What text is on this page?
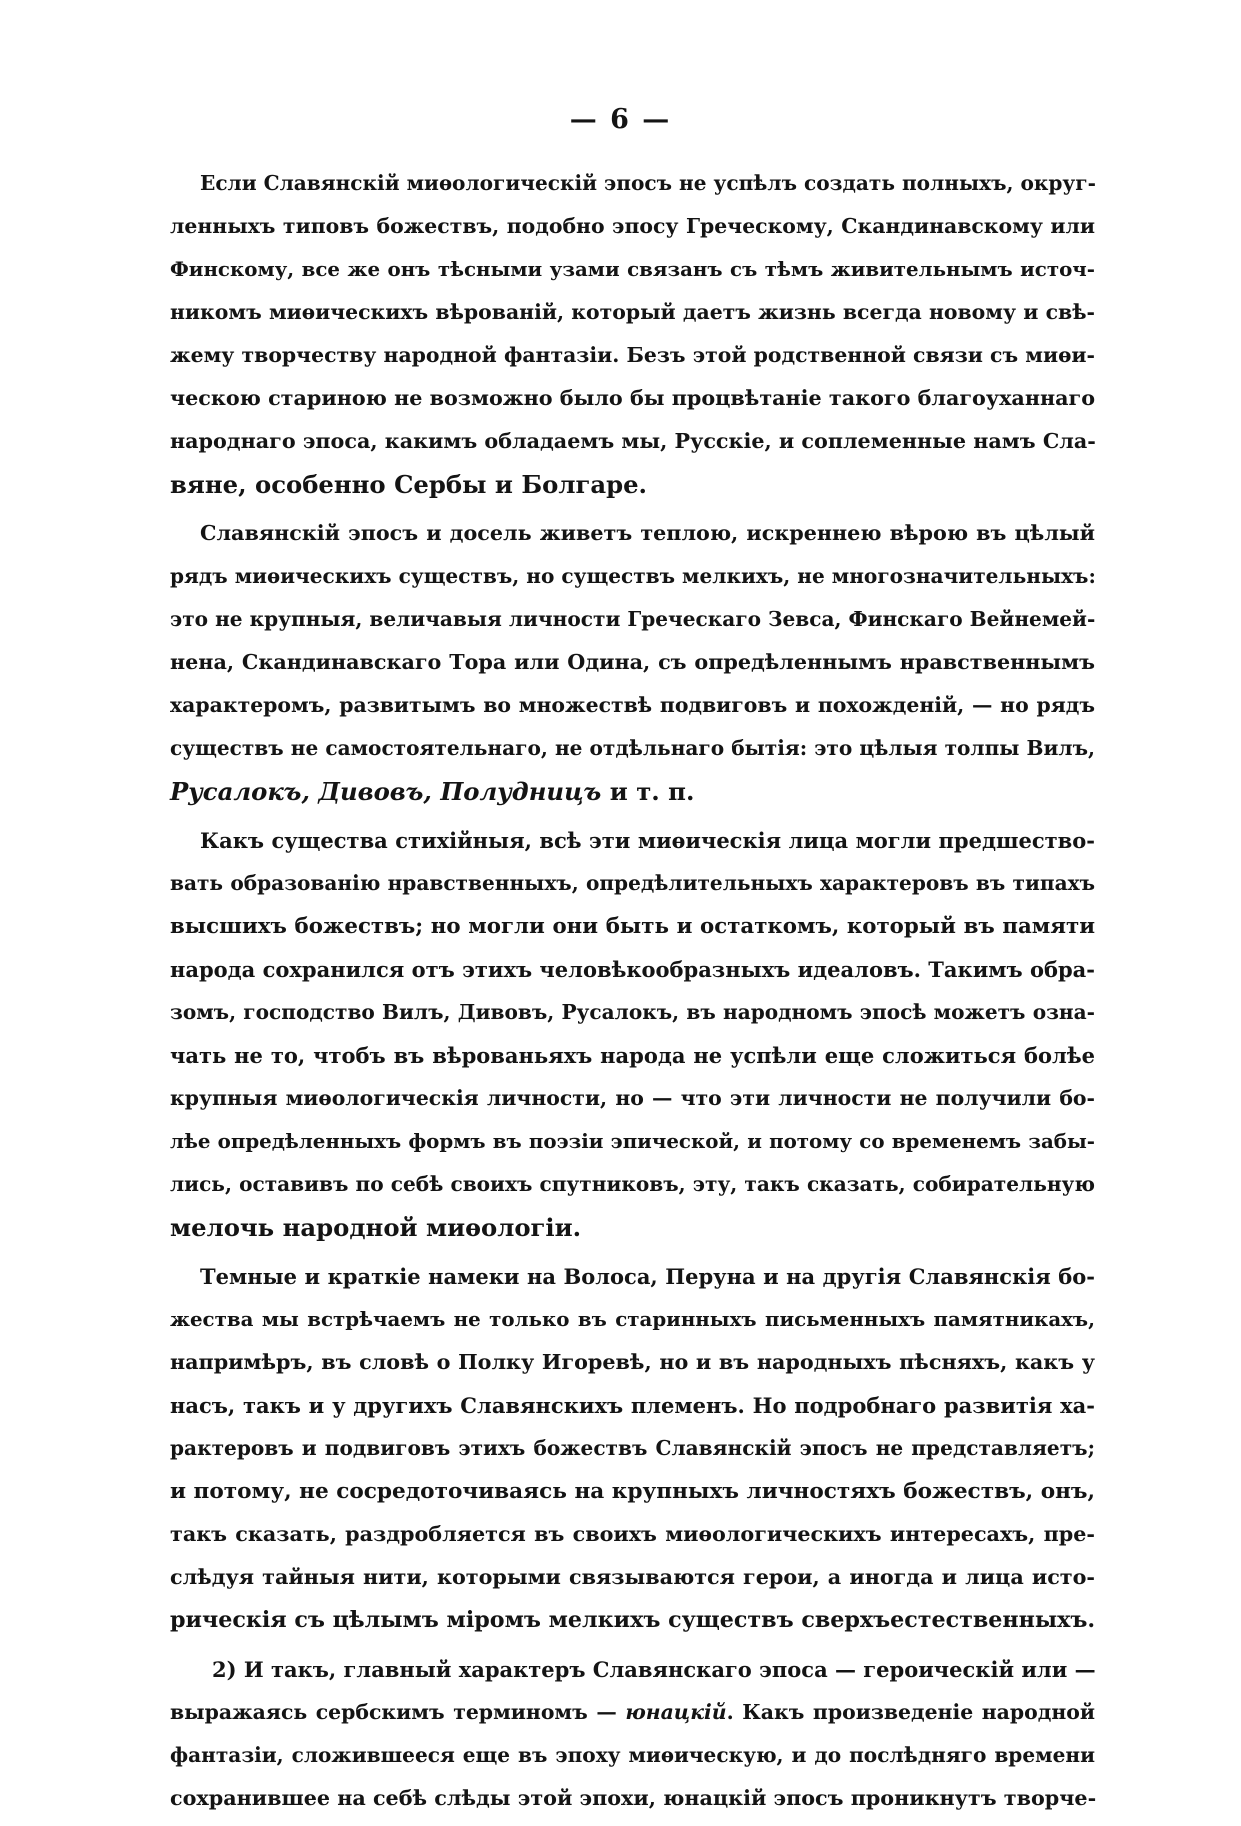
— 6 —
Если Славянскій миѳологическій эпосъ не успѣлъ создать полныхъ, округ-
ленныхъ типовъ божествъ, подобно эпосу Греческому, Скандинавскому или
Финскому, все же онъ тѣсными узами связанъ съ тѣмъ живительнымъ источ-
никомъ миѳическихъ вѣрованій, который даетъ жизнь всегда новому и свѣ-
жему творчеству народной фантазіи. Безъ этой родственной связи съ миѳи-
ческою стариною не возможно было бы процвѣтаніе такого благоуханнаго
народнаго эпоса, какимъ обладаемъ мы, Русскіе, и соплеменные намъ Сла-
вяне, особенно Сербы и Болгаре.
Славянскій эпосъ и досель живетъ теплою, искреннею вѣрою въ цѣлый
рядъ миѳическихъ существъ, но существъ мелкихъ, не многозначительныхъ:
это не крупныя, величавыя личности Греческаго Зевса, Финскаго Вейнемей-
нена, Скандинавскаго Тора или Одина, съ опредѣленнымъ нравственнымъ
характеромъ, развитымъ во множествѣ подвиговъ и похожденій, — но рядъ
существъ не самостоятельнаго, не отдѣльнаго бытія: это цѣлыя толпы Вилъ,
Русалокъ, Дивовъ, Полудницъ и т. п.
Какъ существа стихійныя, всѣ эти миѳическія лица могли предшество-
вать образованію нравственныхъ, опредѣлительныхъ характеровъ въ типахъ
высшихъ божествъ; но могли они быть и остаткомъ, который въ памяти
народа сохранился отъ этихъ человѣкообразныхъ идеаловъ. Такимъ обра-
зомъ, господство Вилъ, Дивовъ, Русалокъ, въ народномъ эпосѣ можетъ озна-
чать не то, чтобъ въ вѣрованьяхъ народа не успѣли еще сложиться болѣе
крупныя миѳологическія личности, но — что эти личности не получили бо-
лѣе опредѣленныхъ формъ въ поэзіи эпической, и потому со временемъ забы-
лись, оставивъ по себѣ своихъ спутниковъ, эту, такъ сказать, собирательную
мелочь народной миѳологіи.
Темные и краткіе намеки на Волоса, Перуна и на другія Славянскія бо-
жества мы встрѣчаемъ не только въ старинныхъ письменныхъ памятникахъ,
напримѣръ, въ словѣ о Полку Игоревѣ, но и въ народныхъ пѣсняхъ, какъ у
насъ, такъ и у другихъ Славянскихъ племенъ. Но подробнаго развитія ха-
рактеровъ и подвиговъ этихъ божествъ Славянскій эпосъ не представляетъ;
и потому, не сосредоточиваясь на крупныхъ личностяхъ божествъ, онъ,
такъ сказать, раздробляется въ своихъ миѳологическихъ интересахъ, пре-
слѣдуя тайныя нити, которыми связываются герои, а иногда и лица исто-
рическія съ цѣлымъ міромъ мелкихъ существъ сверхъестественныхъ.
2) И такъ, главный характеръ Славянскаго эпоса — героическій или —
выражаясь сербскимъ терминомъ — юнацкій. Какъ произведеніе народной
фантазіи, сложившееся еще въ эпоху миѳическую, и до послѣдняго времени
сохранившее на себѣ слѣды этой эпохи, юнацкій эпосъ проникнутъ творче-
